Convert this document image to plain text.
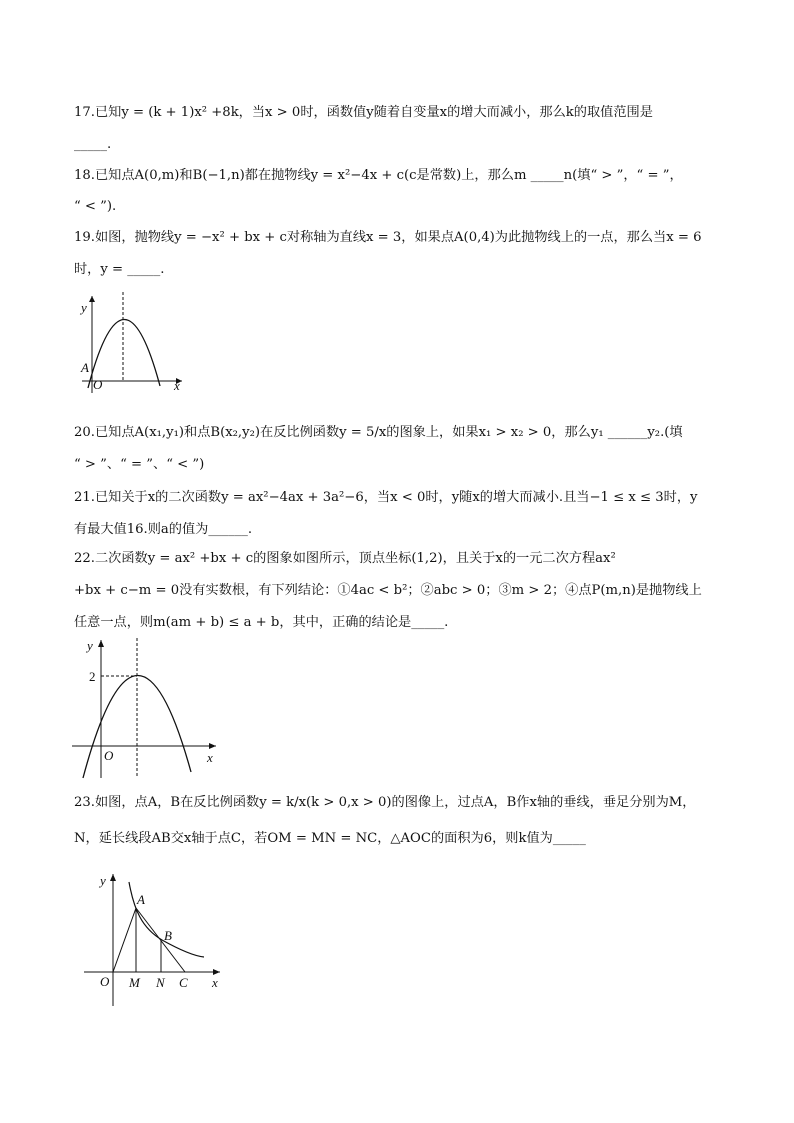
17.已知y = (k + 1)x² +8k，当x > 0时，函数值y随着自变量x的增大而减小，那么k的取值范围是
_____.
18.已知点A(0,m)和B(−1,n)都在抛物线y = x²−4x + c(c是常数)上，那么m _____n(填“ > ”，“ = ”，
“ < ”).
19.如图，抛物线y = −x² + bx + c对称轴为直线x = 3，如果点A(0,4)为此抛物线上的一点，那么当x = 6
时，y = _____.
y
x
O
A
20.已知点A(x₁,y₁)和点B(x₂,y₂)在反比例函数y = 5/x的图象上，如果x₁ > x₂ > 0，那么y₁ ______y₂.(填
“ > ”、“ = ”、“ < ”)
21.已知关于x的二次函数y = ax²−4ax + 3a²−6，当x < 0时，y随x的增大而减小.且当−1 ≤ x ≤ 3时，y
有最大值16.则a的值为______.
22.二次函数y = ax² +bx + c的图象如图所示，顶点坐标(1,2)，且关于x的一元二次方程ax²
+bx + c−m = 0没有实数根，有下列结论：①4ac < b²；②abc > 0；③m > 2；④点P(m,n)是抛物线上
任意一点，则m(am + b) ≤ a + b，其中，正确的结论是_____.
y
x
O
2
23.如图，点A，B在反比例函数y = k/x(k > 0,x > 0)的图像上，过点A，B作x轴的垂线，垂足分别为M，
N，延长线段AB交x轴于点C，若OM = MN = NC，△AOC的面积为6，则k值为_____
y
x
O
A
B
M N C
